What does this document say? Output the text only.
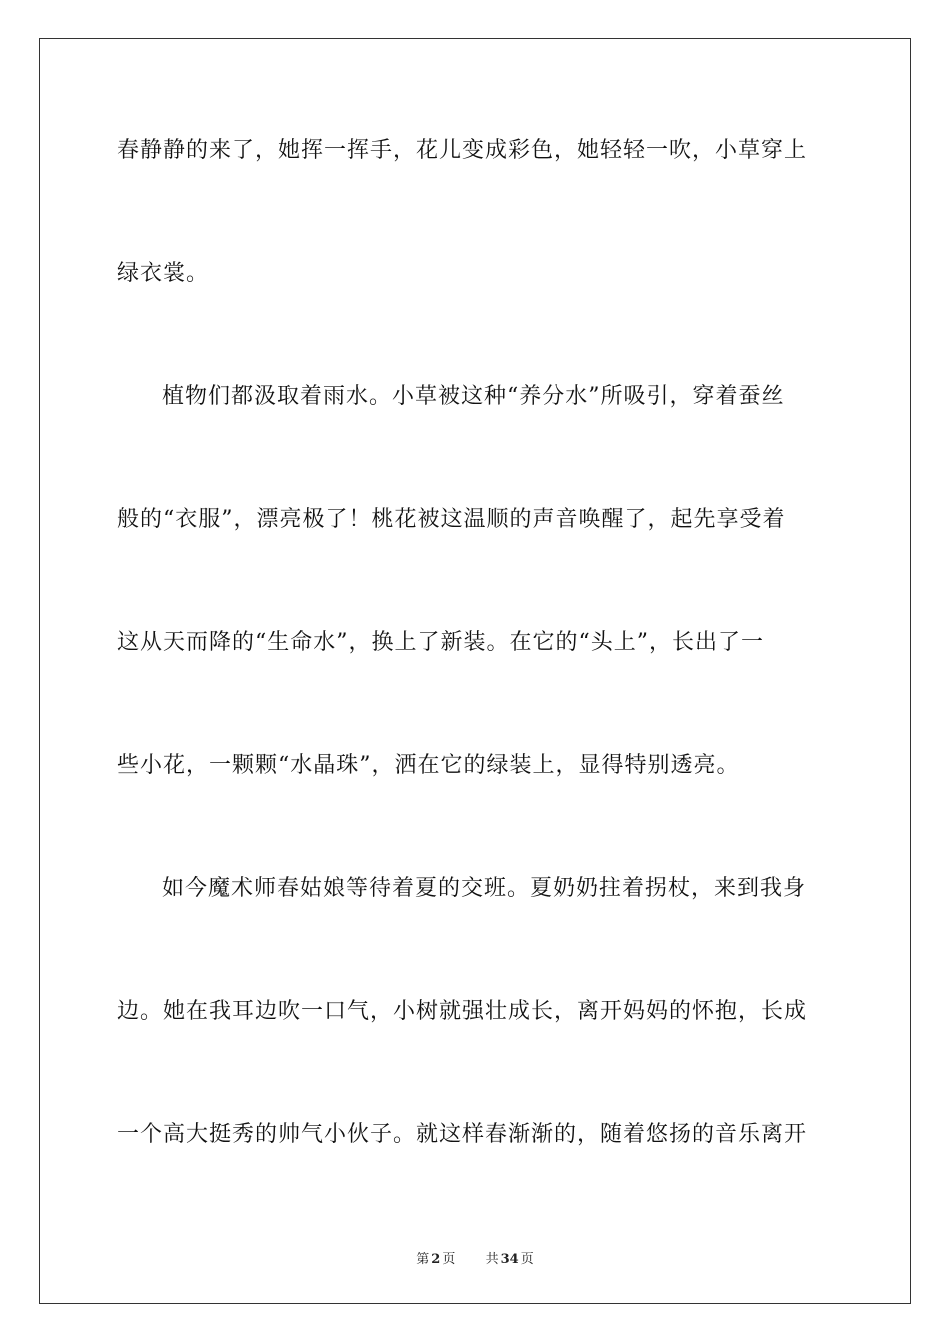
春静静的来了，她挥一挥手，花儿变成彩色，她轻轻一吹，小草穿上
绿衣裳。
植物们都汲取着雨水。小草被这种“养分水”所吸引，穿着蚕丝
般的“衣服”，漂亮极了！桃花被这温顺的声音唤醒了，起先享受着
这从天而降的“生命水”，换上了新装。在它的“头上”，长出了一
些小花，一颗颗“水晶珠”，洒在它的绿装上，显得特别透亮。
如今魔术师春姑娘等待着夏的交班。夏奶奶拄着拐杖，来到我身
边。她在我耳边吹一口气，小树就强壮成长，离开妈妈的怀抱，长成
一个高大挺秀的帅气小伙子。就这样春渐渐的，随着悠扬的音乐离开
第 2 页 共 34 页
